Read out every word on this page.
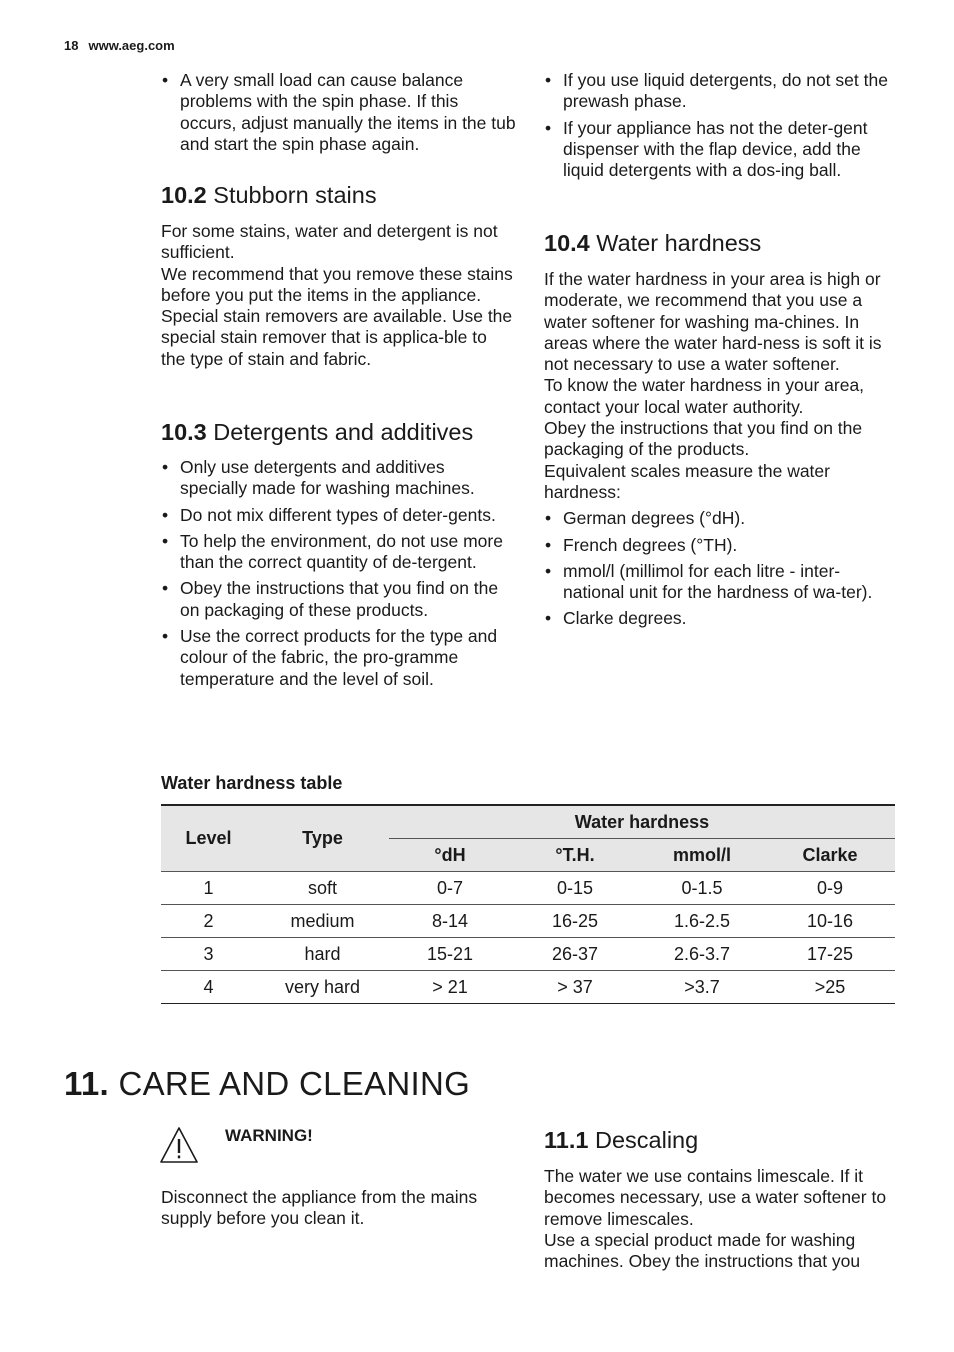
18 www.aeg.com
• A very small load can cause balance problems with the spin phase. If this occurs, adjust manually the items in the tub and start the spin phase again.
10.2 Stubborn stains

For some stains, water and detergent is not sufficient.

We recommend that you remove these stains before you put the items in the appliance.

Special stain removers are available. Use the special stain remover that is applica-ble to the type of stain and fabric.

10.3 Detergents and additives
• Only use detergents and additives specially made for washing machines.
• Do not mix different types of deter-gents.
• To help the environment, do not use more than the correct quantity of de-tergent.
• Obey the instructions that you find on the on packaging of these products.
• Use the correct products for the type and colour of the fabric, the pro-gramme temperature and the level of soil.
• If you use liquid detergents, do not set the prewash phase.
• If your appliance has not the deter-gent dispenser with the flap device, add the liquid detergents with a dos-ing ball.
10.4 Water hardness

If the water hardness in your area is high or moderate, we recommend that you use a water softener for washing ma-chines. In areas where the water hard-ness is soft it is not necessary to use a water softener.

To know the water hardness in your area, contact your local water authority.

Obey the instructions that you find on the packaging of the products.

Equivalent scales measure the water hardness:

• German degrees (°dH).
• French degrees (°TH).
• mmol/l (millimol for each litre - inter-national unit for the hardness of wa-ter).
• Clarke degrees.
Water hardness table
Level	Type	Water hardness			
		°dH	°T.H.	mmol/l	Clarke
1	soft	0-7	0-15	0-1.5	0-9
2	medium	8-14	16-25	1.6-2.5	10-16
3	hard	15-21	26-37	2.6-3.7	17-25
4	very hard	> 21	> 37	>3.7	>25
11. CARE AND CLEANING
WARNING!

Disconnect the appliance from the mains supply before you clean it.

11.1 Descaling

The water we use contains limescale. If it becomes necessary, use a water softener to remove limescales.

Use a special product made for washing machines. Obey the instructions that you
